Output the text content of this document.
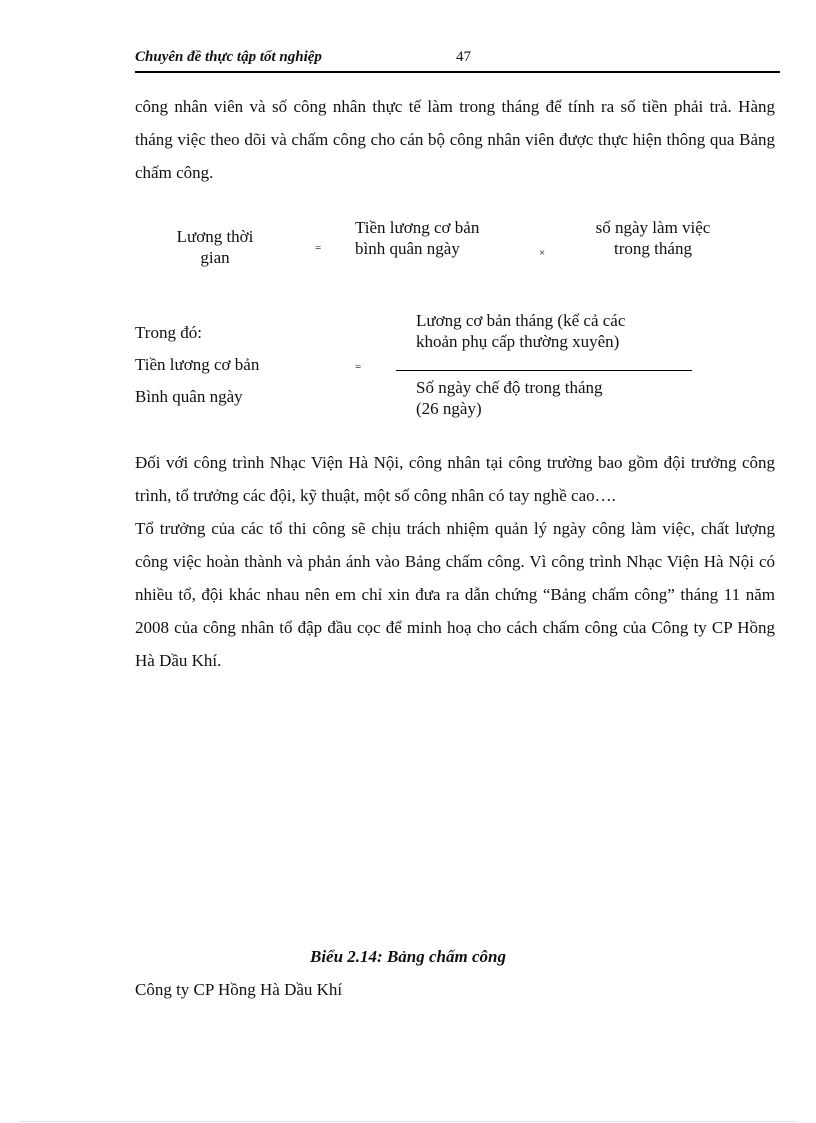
Chuyên đề thực tập tốt nghiệp	47

công nhân viên và số công nhân thực tế làm trong tháng để tính ra số tiền phải trả. Hàng tháng việc theo dõi và chấm công cho cán bộ công nhân viên được thực hiện thông qua Bảng chấm công.

Lương thời

gian	=

Tiền lương cơ bản

bình quân ngày	×

số ngày làm việc

trong tháng

Trong đó:

Tiền lương cơ bản

Bình quân ngày

=

Lương cơ bản tháng (kể cả các

khoản phụ cấp thường xuyên)

Số ngày chế độ trong tháng

(26 ngày)

Đối với công trình Nhạc Viện Hà Nội, công nhân tại công trường bao gồm đội trưởng công trình, tổ trưởng các đội, kỹ thuật, một số công nhân có tay nghề cao….
Tổ trưởng của các tổ thi công sẽ chịu trách nhiệm quản lý ngày công làm việc, chất lượng công việc hoàn thành và phản ánh vào Bảng chấm công. Vì công trình Nhạc Viện Hà Nội có nhiều tổ, đội khác nhau nên em chỉ xin đưa ra dẫn chứng “Bảng chấm công” tháng 11 năm 2008 của công nhân tổ đập đầu cọc để minh hoạ cho cách chấm công của Công ty CP Hồng Hà Dầu Khí.
Biểu 2.14: Bảng chấm công
Công ty CP Hồng Hà Dầu Khí
